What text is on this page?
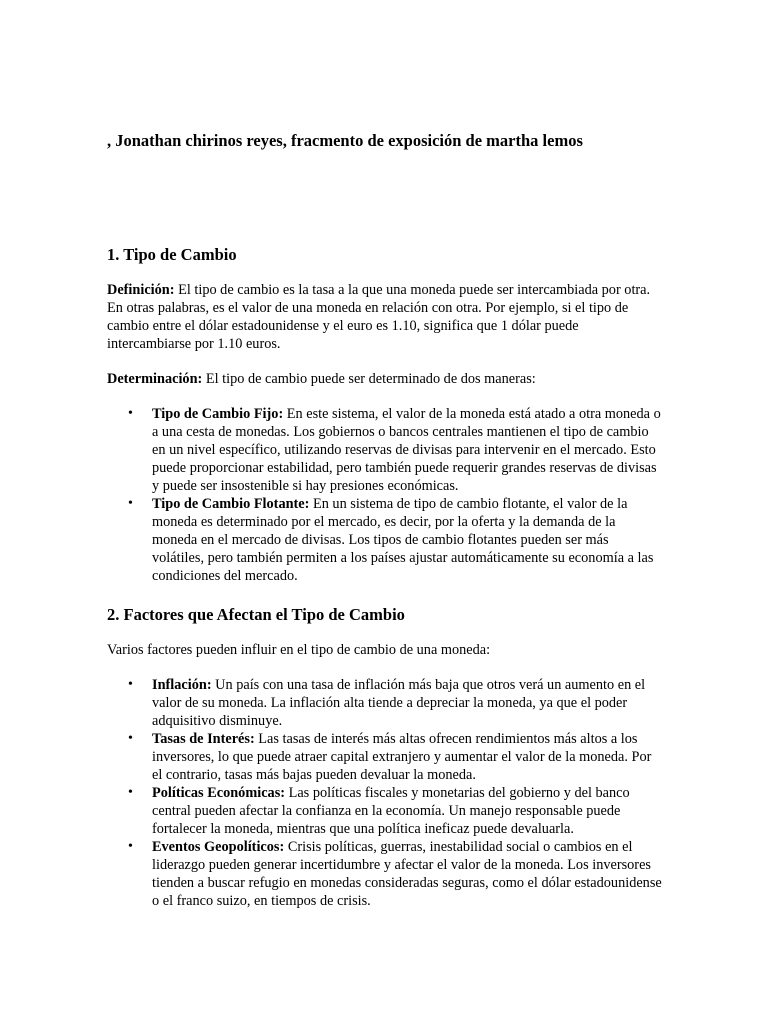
, Jonathan chirinos reyes, fracmento de exposición de martha lemos
1. Tipo de Cambio

Definición: El tipo de cambio es la tasa a la que una moneda puede ser intercambiada por otra. En otras palabras, es el valor de una moneda en relación con otra. Por ejemplo, si el tipo de cambio entre el dólar estadounidense y el euro es 1.10, significa que 1 dólar puede intercambiarse por 1.10 euros.

Determinación: El tipo de cambio puede ser determinado de dos maneras:

•	Tipo de Cambio Fijo: En este sistema, el valor de la moneda está atado a otra moneda o a una cesta de monedas. Los gobiernos o bancos centrales mantienen el tipo de cambio en un nivel específico, utilizando reservas de divisas para intervenir en el mercado. Esto puede proporcionar estabilidad, pero también puede requerir grandes reservas de divisas y puede ser insostenible si hay presiones económicas.
•	Tipo de Cambio Flotante: En un sistema de tipo de cambio flotante, el valor de la moneda es determinado por el mercado, es decir, por la oferta y la demanda de la moneda en el mercado de divisas. Los tipos de cambio flotantes pueden ser más volátiles, pero también permiten a los países ajustar automáticamente su economía a las condiciones del mercado.
2. Factores que Afectan el Tipo de Cambio

Varios factores pueden influir en el tipo de cambio de una moneda:

•	Inflación: Un país con una tasa de inflación más baja que otros verá un aumento en el valor de su moneda. La inflación alta tiende a depreciar la moneda, ya que el poder adquisitivo disminuye.
•	Tasas de Interés: Las tasas de interés más altas ofrecen rendimientos más altos a los inversores, lo que puede atraer capital extranjero y aumentar el valor de la moneda. Por el contrario, tasas más bajas pueden devaluar la moneda.
•	Políticas Económicas: Las políticas fiscales y monetarias del gobierno y del banco central pueden afectar la confianza en la economía. Un manejo responsable puede fortalecer la moneda, mientras que una política ineficaz puede devaluarla.
•	Eventos Geopolíticos: Crisis políticas, guerras, inestabilidad social o cambios en el liderazgo pueden generar incertidumbre y afectar el valor de la moneda. Los inversores tienden a buscar refugio en monedas consideradas seguras, como el dólar estadounidense o el franco suizo, en tiempos de crisis.
